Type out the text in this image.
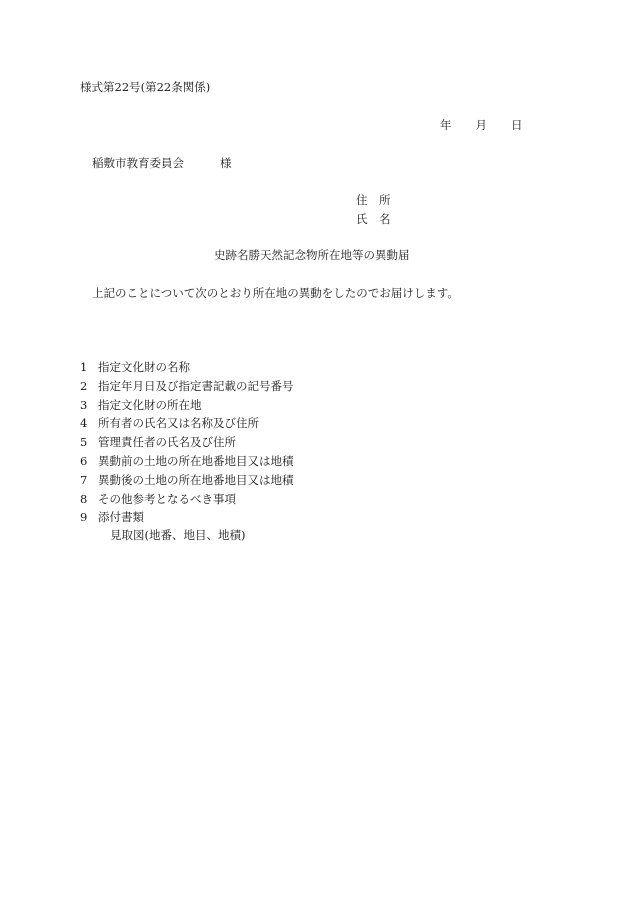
様式第22号(第22条関係)
年 月 日
稲敷市教育委員会	様
住　所
氏　名
史跡名勝天然記念物所在地等の異動届
上記のことについて次のとおり所在地の異動をしたのでお届けします。
1 指定文化財の名称
2 指定年月日及び指定書記載の記号番号
3 指定文化財の所在地
4 所有者の氏名又は名称及び住所
5 管理責任者の氏名及び住所
6 異動前の土地の所在地番地目又は地積
7 異動後の土地の所在地番地目又は地積
8 その他参考となるべき事項
9 添付書類
見取図(地番、地目、地積)
